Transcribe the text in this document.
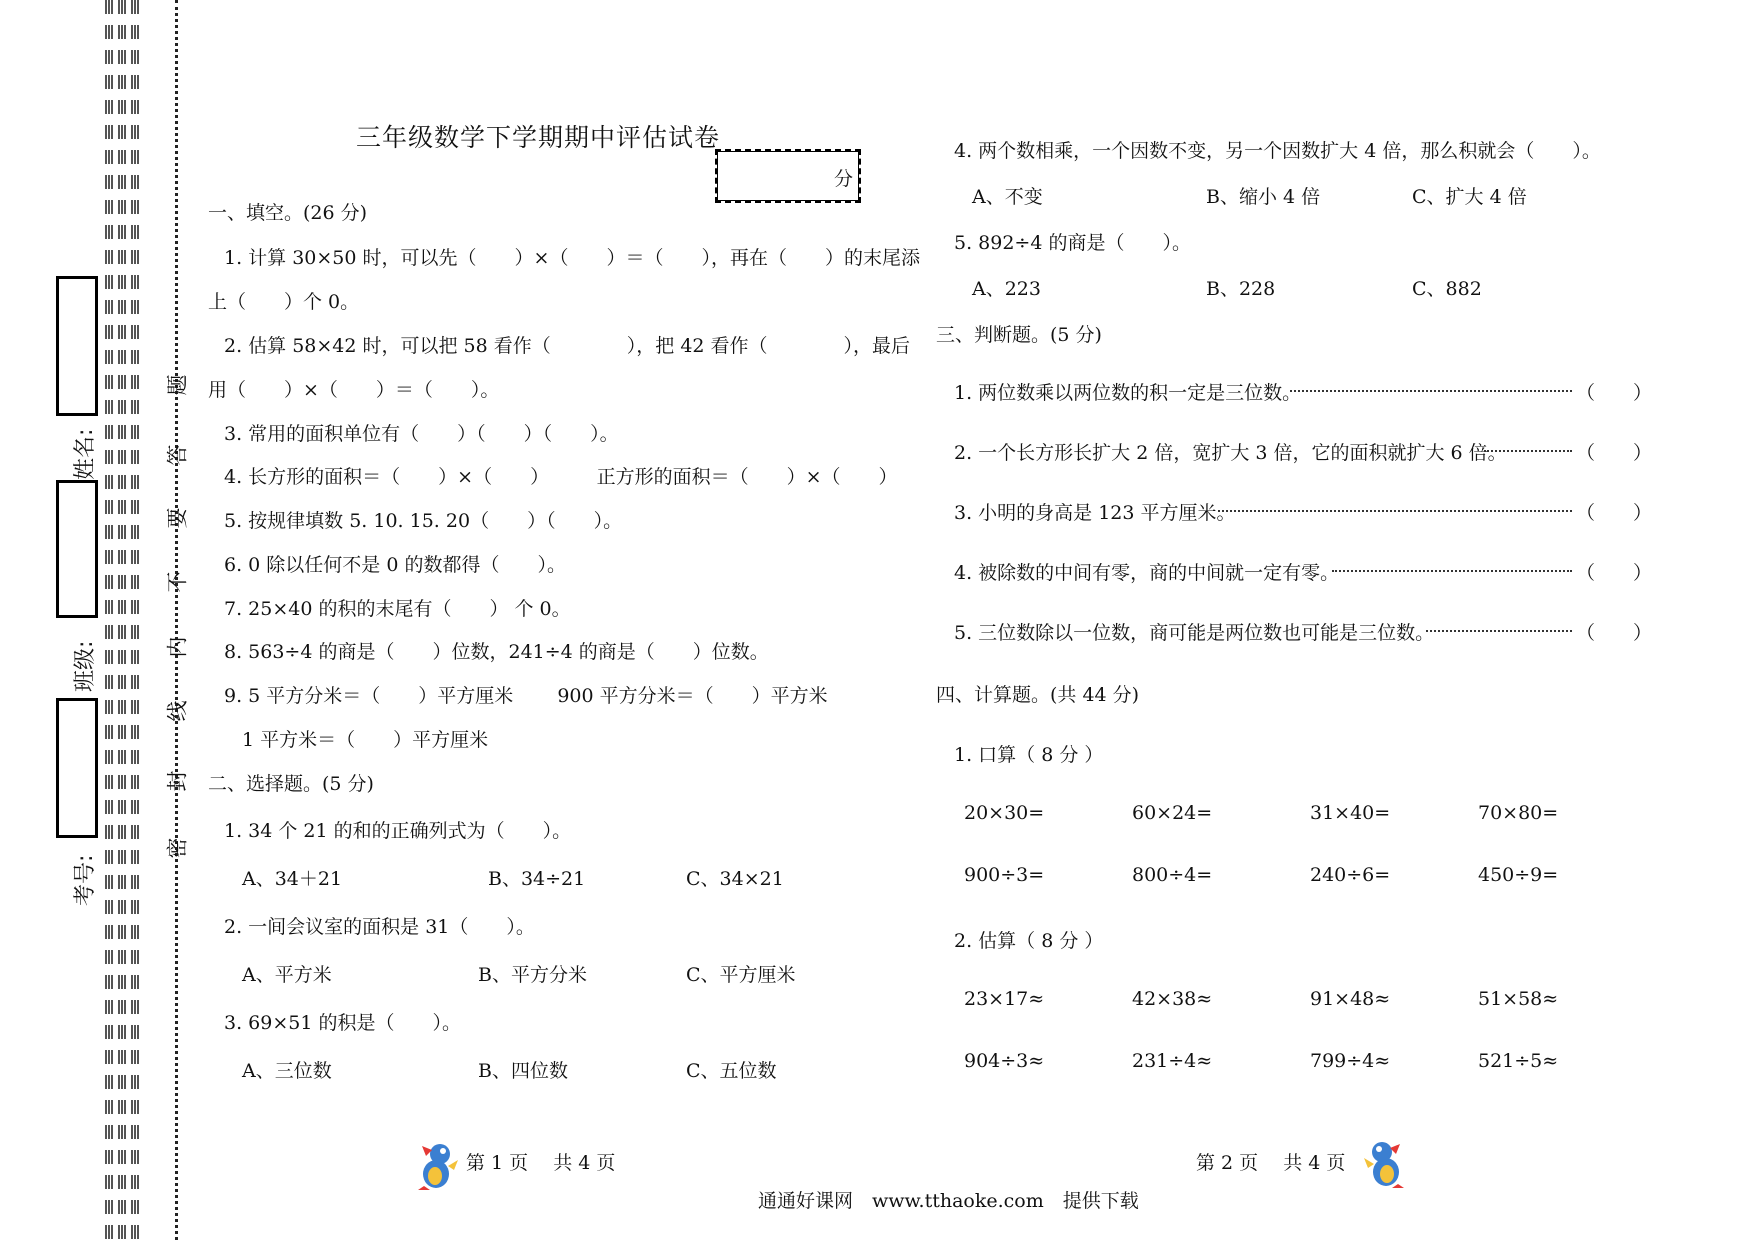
姓名:
班级:
考号:
题
答
要
不
内
线
封
密
三年级数学下学期期中评估试卷
分
一、填空。(26 分)
1. 计算 30×50 时，可以先（　　）×（　　）＝（　　），再在（　　）的末尾添
上（　　）个 0。
2. 估算 58×42 时，可以把 58 看作（　　　　），把 42 看作（　　　　），最后
用（　　）×（　　）＝（　　）。
3. 常用的面积单位有（　　）（　　）（　　）。
4. 长方形的面积＝（　　）×（　　）　　　正方形的面积＝（　　）×（　　）
5. 按规律填数 5. 10. 15. 20（　　）（　　）。
6. 0 除以任何不是 0 的数都得（　　）。
7. 25×40 的积的末尾有（　　） 个 0。
8. 563÷4 的商是（　　）位数，241÷4 的商是（　　）位数。
9. 5 平方分米＝（　　）平方厘米　　 900 平方分米＝（　　）平方米
1 平方米＝（　　）平方厘米
二、选择题。(5 分)
1. 34 个 21 的和的正确列式为（　　）。
A、34＋21	B、34÷21	C、34×21
2. 一间会议室的面积是 31（　　）。
A、平方米	B、平方分米	C、平方厘米
3. 69×51 的积是（　　）。
A、三位数	B、四位数	C、五位数
第 1 页　 共 4 页
4. 两个数相乘，一个因数不变，另一个因数扩大 4 倍，那么积就会（　　）。
A、不变	B、缩小 4 倍	C、扩大 4 倍
5. 892÷4 的商是（　　）。
A、223	B、228	C、882
三、判断题。(5 分)
1. 两位数乘以两位数的积一定是三位数。	（　　）
2. 一个长方形长扩大 2 倍，宽扩大 3 倍，它的面积就扩大 6 倍。	（　　）
3. 小明的身高是 123 平方厘米。	（　　）
4. 被除数的中间有零，商的中间就一定有零。	（　　）
5. 三位数除以一位数，商可能是两位数也可能是三位数。	（　　）
四、计算题。(共 44 分)
1. 口算（ 8 分 ）
20×30=	60×24=	31×40=	70×80=
900÷3=	800÷4=	240÷6=	450÷9=
2. 估算（ 8 分 ）
23×17≈	42×38≈	91×48≈	51×58≈
904÷3≈	231÷4≈	799÷4≈	521÷5≈
第 2 页　 共 4 页
通通好课网　www.tthaoke.com　提供下载
